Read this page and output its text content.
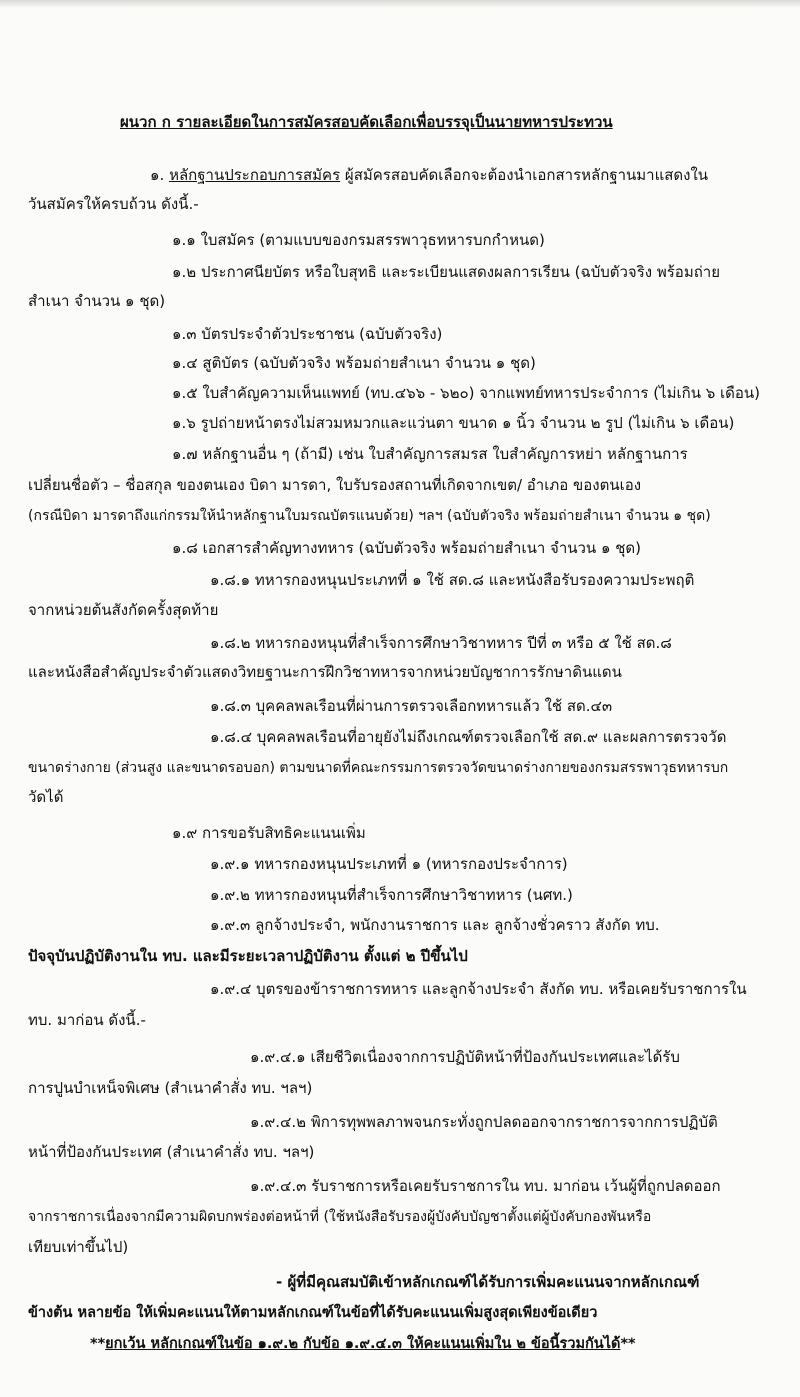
ผนวก ก รายละเอียดในการสมัครสอบคัดเลือกเพื่อบรรจุเป็นนายทหารประทวน

๑. หลักฐานประกอบการสมัคร ผู้สมัครสอบคัดเลือกจะต้องนำเอกสารหลักฐานมาแสดงใน

วันสมัครให้ครบถ้วน ดังนี้.-

๑.๑ ใบสมัคร (ตามแบบของกรมสรรพาวุธทหารบกกำหนด)

๑.๒ ประกาศนียบัตร หรือใบสุทธิ และระเบียนแสดงผลการเรียน (ฉบับตัวจริง พร้อมถ่าย

สำเนา จำนวน ๑ ชุด)

๑.๓ บัตรประจำตัวประชาชน (ฉบับตัวจริง)

๑.๔ สูติบัตร (ฉบับตัวจริง พร้อมถ่ายสำเนา จำนวน ๑ ชุด)

๑.๕ ใบสำคัญความเห็นแพทย์ (ทบ.๔๖๖ - ๖๒๐) จากแพทย์ทหารประจำการ (ไม่เกิน ๖ เดือน)

๑.๖ รูปถ่ายหน้าตรงไม่สวมหมวกและแว่นตา ขนาด ๑ นิ้ว จำนวน ๒ รูป (ไม่เกิน ๖ เดือน)

๑.๗ หลักฐานอื่น ๆ (ถ้ามี) เช่น ใบสำคัญการสมรส ใบสำคัญการหย่า หลักฐานการ

เปลี่ยนชื่อตัว – ชื่อสกุล ของตนเอง บิดา มารดา, ใบรับรองสถานที่เกิดจากเขต/ อำเภอ ของตนเอง

(กรณีบิดา มารดาถึงแก่กรรมให้นำหลักฐานใบมรณบัตรแนบด้วย) ฯลฯ (ฉบับตัวจริง พร้อมถ่ายสำเนา จำนวน ๑ ชุด)

๑.๘ เอกสารสำคัญทางทหาร (ฉบับตัวจริง พร้อมถ่ายสำเนา จำนวน ๑ ชุด)

๑.๘.๑ ทหารกองหนุนประเภทที่ ๑ ใช้ สด.๘ และหนังสือรับรองความประพฤติ

จากหน่วยต้นสังกัดครั้งสุดท้าย

๑.๘.๒ ทหารกองหนุนที่สำเร็จการศึกษาวิชาทหาร ปีที่ ๓ หรือ ๕ ใช้ สด.๘

และหนังสือสำคัญประจำตัวแสดงวิทยฐานะการฝึกวิชาทหารจากหน่วยบัญชาการรักษาดินแดน

๑.๘.๓ บุคคลพลเรือนที่ผ่านการตรวจเลือกทหารแล้ว ใช้ สด.๔๓

๑.๘.๔ บุคคลพลเรือนที่อายุยังไม่ถึงเกณฑ์ตรวจเลือกใช้ สด.๙ และผลการตรวจวัด

ขนาดร่างกาย (ส่วนสูง และขนาดรอบอก) ตามขนาดที่คณะกรรมการตรวจวัดขนาดร่างกายของกรมสรรพาวุธทหารบก

วัดได้

๑.๙ การขอรับสิทธิคะแนนเพิ่ม

๑.๙.๑ ทหารกองหนุนประเภทที่ ๑ (ทหารกองประจำการ)

๑.๙.๒ ทหารกองหนุนที่สำเร็จการศึกษาวิชาทหาร (นศท.)

๑.๙.๓ ลูกจ้างประจำ, พนักงานราชการ และ ลูกจ้างชั่วคราว สังกัด ทบ.

ปัจจุบันปฏิบัติงานใน ทบ. และมีระยะเวลาปฏิบัติงาน ตั้งแต่ ๒ ปีขึ้นไป

๑.๙.๔ บุตรของข้าราชการทหาร และลูกจ้างประจำ สังกัด ทบ. หรือเคยรับราชการใน

ทบ. มาก่อน ดังนี้.-

๑.๙.๔.๑ เสียชีวิตเนื่องจากการปฏิบัติหน้าที่ป้องกันประเทศและได้รับ

การปูนบำเหน็จพิเศษ (สำเนาคำสั่ง ทบ. ฯลฯ)

๑.๙.๔.๒ พิการทุพพลภาพจนกระทั่งถูกปลดออกจากราชการจากการปฏิบัติ

หน้าที่ป้องกันประเทศ (สำเนาคำสั่ง ทบ. ฯลฯ)

๑.๙.๔.๓ รับราชการหรือเคยรับราชการใน ทบ. มาก่อน เว้นผู้ที่ถูกปลดออก

จากราชการเนื่องจากมีความผิดบกพร่องต่อหน้าที่ (ใช้หนังสือรับรองผู้บังคับบัญชาตั้งแต่ผู้บังคับกองพันหรือ

เทียบเท่าขึ้นไป)

- ผู้ที่มีคุณสมบัติเข้าหลักเกณฑ์ได้รับการเพิ่มคะแนนจากหลักเกณฑ์

ข้างต้น หลายข้อ ให้เพิ่มคะแนนให้ตามหลักเกณฑ์ในข้อที่ได้รับคะแนนเพิ่มสูงสุดเพียงข้อเดียว

**ยกเว้น หลักเกณฑ์ในข้อ ๑.๙.๒ กับข้อ ๑.๙.๔.๓ ให้คะแนนเพิ่มใน ๒ ข้อนี้รวมกันได้**
